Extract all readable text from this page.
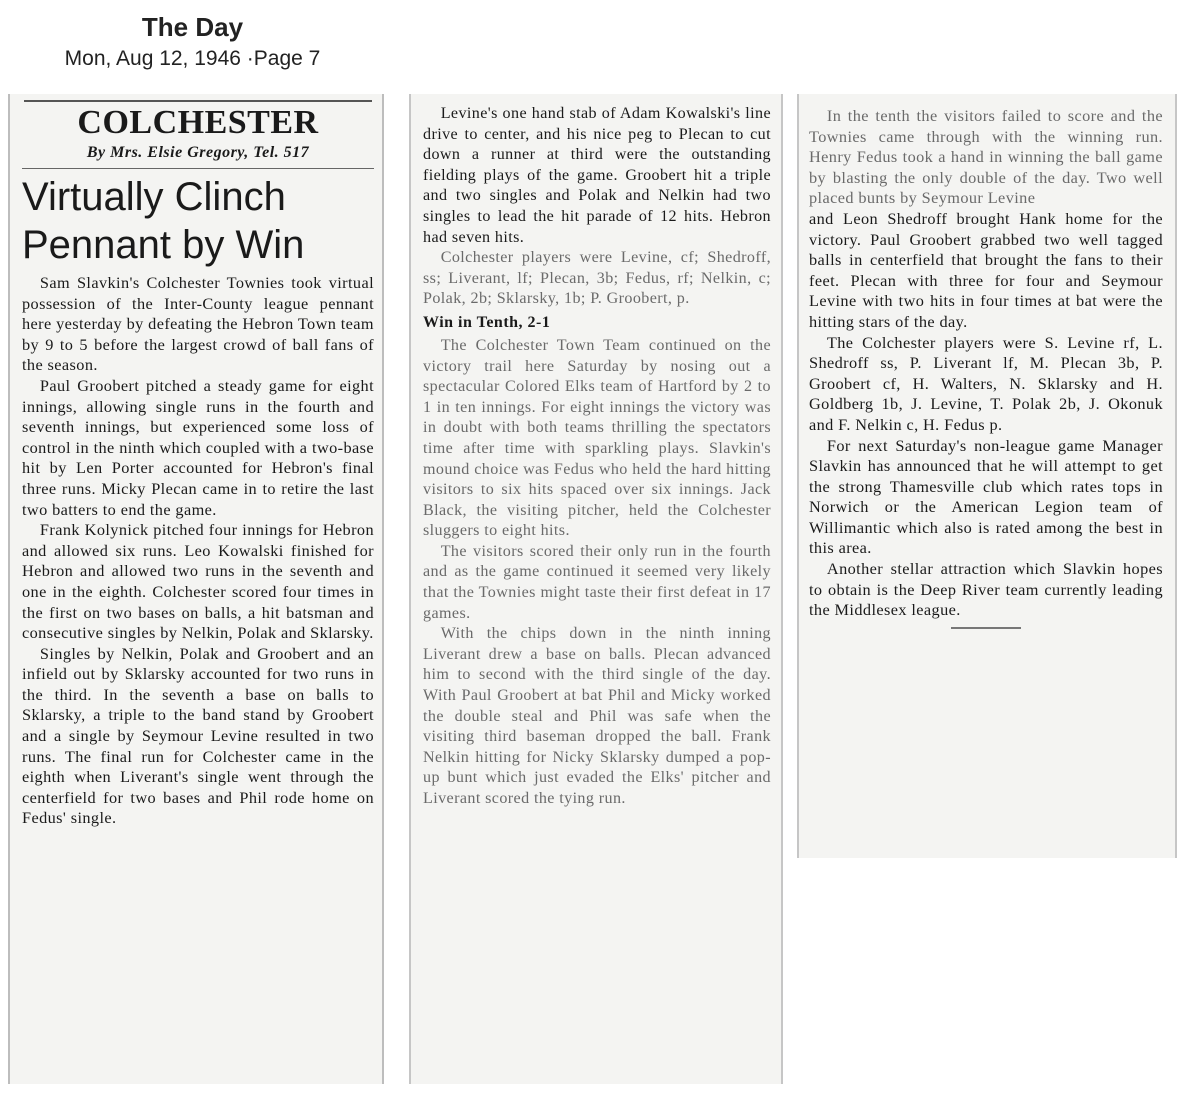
The Day
Mon, Aug 12, 1946 ·Page 7
COLCHESTER
By Mrs. Elsie Gregory, Tel. 517
Virtually Clinch
Pennant by Win

Sam Slavkin's Colchester Townies took virtual possession of the Inter-County league pennant here yesterday by defeating the Hebron Town team by 9 to 5 before the largest crowd of ball fans of the season.

Paul Groobert pitched a steady game for eight innings, allowing single runs in the fourth and seventh innings, but experienced some loss of control in the ninth which coupled with a two-base hit by Len Porter accounted for Hebron's final three runs. Micky Plecan came in to retire the last two batters to end the game.

Frank Kolynick pitched four innings for Hebron and allowed six runs. Leo Kowalski finished for Hebron and allowed two runs in the seventh and one in the eighth. Colchester scored four times in the first on two bases on balls, a hit batsman and consecutive singles by Nelkin, Polak and Sklarsky.

Singles by Nelkin, Polak and Groobert and an infield out by Sklarsky accounted for two runs in the third. In the seventh a base on balls to Sklarsky, a triple to the band stand by Groobert and a single by Seymour Levine resulted in two runs. The final run for Colchester came in the eighth when Liverant's single went through the centerfield for two bases and Phil rode home on Fedus' single.

Levine's one hand stab of Adam Kowalski's line drive to center, and his nice peg to Plecan to cut down a runner at third were the outstanding fielding plays of the game. Groobert hit a triple and two singles and Polak and Nelkin had two singles to lead the hit parade of 12 hits. Hebron had seven hits.

Colchester players were Levine, cf; Shedroff, ss; Liverant, lf; Plecan, 3b; Fedus, rf; Nelkin, c; Polak, 2b; Sklarsky, 1b; P. Groobert, p.

Win in Tenth, 2-1

The Colchester Town Team continued on the victory trail here Saturday by nosing out a spectacular Colored Elks team of Hartford by 2 to 1 in ten innings. For eight innings the victory was in doubt with both teams thrilling the spectators time after time with sparkling plays. Slavkin's mound choice was Fedus who held the hard hitting visitors to six hits spaced over six innings. Jack Black, the visiting pitcher, held the Colchester sluggers to eight hits.

The visitors scored their only run in the fourth and as the game continued it seemed very likely that the Townies might taste their first defeat in 17 games.

With the chips down in the ninth inning Liverant drew a base on balls. Plecan advanced him to second with the third single of the day. With Paul Groobert at bat Phil and Micky worked the double steal and Phil was safe when the visiting third baseman dropped the ball. Frank Nelkin hitting for Nicky Sklarsky dumped a pop-up bunt which just evaded the Elks' pitcher and Liverant scored the tying run.

In the tenth the visitors failed to score and the Townies came through with the winning run. Henry Fedus took a hand in winning the ball game by blasting the only double of the day. Two well placed bunts by Seymour Levine

and Leon Shedroff brought Hank home for the victory. Paul Groobert grabbed two well tagged balls in centerfield that brought the fans to their feet. Plecan with three for four and Seymour Levine with two hits in four times at bat were the hitting stars of the day.

The Colchester players were S. Levine rf, L. Shedroff ss, P. Liverant lf, M. Plecan 3b, P. Groobert cf, H. Walters, N. Sklarsky and H. Goldberg 1b, J. Levine, T. Polak 2b, J. Okonuk and F. Nelkin c, H. Fedus p.

For next Saturday's non-league game Manager Slavkin has announced that he will attempt to get the strong Thamesville club which rates tops in Norwich or the American Legion team of Willimantic which also is rated among the best in this area.

Another stellar attraction which Slavkin hopes to obtain is the Deep River team currently leading the Middlesex league.
